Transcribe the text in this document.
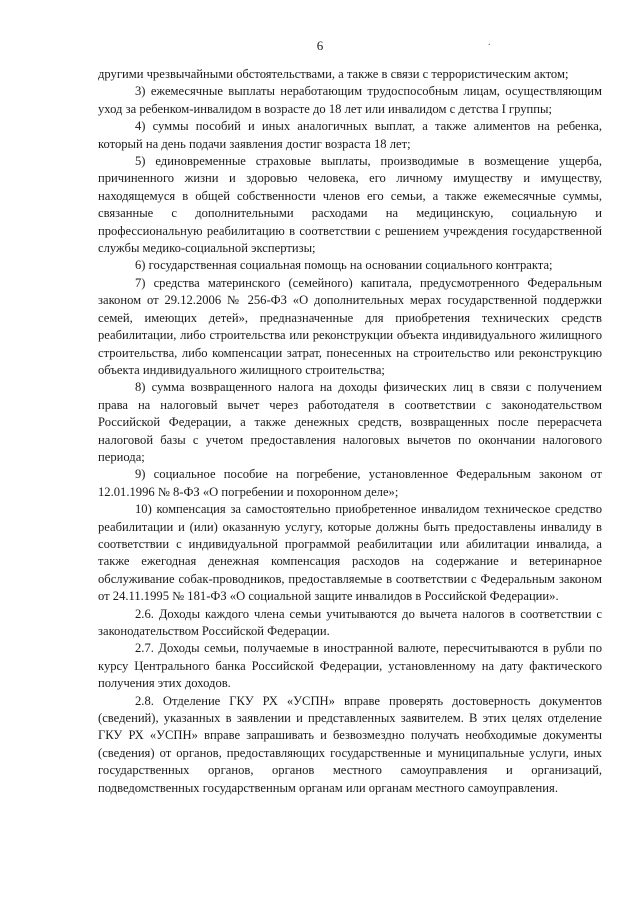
6	.

другими чрезвычайными обстоятельствами, а также в связи с террористическим актом;

3) ежемесячные выплаты неработающим трудоспособным лицам, осуществляющим уход за ребенком-инвалидом в возрасте до 18 лет или инвалидом с детства I группы;

4) суммы пособий и иных аналогичных выплат, а также алиментов на ребенка, который на день подачи заявления достиг возраста 18 лет;

5) единовременные страховые выплаты, производимые в возмещение ущерба, причиненного жизни и здоровью человека, его личному имуществу и имуществу, находящемуся в общей собственности членов его семьи, а также ежемесячные суммы, связанные с дополнительными расходами на медицинскую, социальную и профессиональную реабилитацию в соответствии с решением учреждения государственной службы медико-социальной экспертизы;

6) государственная социальная помощь на основании социального контракта;

7) средства материнского (семейного) капитала, предусмотренного Федеральным законом от 29.12.2006 № 256-ФЗ «О дополнительных мерах государственной поддержки семей, имеющих детей», предназначенные для приобретения технических средств реабилитации, либо строительства или реконструкции объекта индивидуального жилищного строительства, либо компенсации затрат, понесенных на строительство или реконструкцию объекта индивидуального жилищного строительства;

8) сумма возвращенного налога на доходы физических лиц в связи с получением права на налоговый вычет через работодателя в соответствии с законодательством Российской Федерации, а также денежных средств, возвращенных после перерасчета налоговой базы с учетом предоставления налоговых вычетов по окончании налогового периода;

9) социальное пособие на погребение, установленное Федеральным законом от 12.01.1996 № 8-ФЗ «О погребении и похоронном деле»;

10) компенсация за самостоятельно приобретенное инвалидом техническое средство реабилитации и (или) оказанную услугу, которые должны быть предоставлены инвалиду в соответствии с индивидуальной программой реабилитации или абилитации инвалида, а также ежегодная денежная компенсация расходов на содержание и ветеринарное обслуживание собак-проводников, предоставляемые в соответствии с Федеральным законом от 24.11.1995 № 181-ФЗ «О социальной защите инвалидов в Российской Федерации».

2.6. Доходы каждого члена семьи учитываются до вычета налогов в соответствии с законодательством Российской Федерации.

2.7. Доходы семьи, получаемые в иностранной валюте, пересчитываются в рубли по курсу Центрального банка Российской Федерации, установленному на дату фактического получения этих доходов.

2.8. Отделение ГКУ РХ «УСПН» вправе проверять достоверность документов (сведений), указанных в заявлении и представленных заявителем. В этих целях отделение ГКУ РХ «УСПН» вправе запрашивать и безвозмездно получать необходимые документы (сведения) от органов, предоставляющих государственные и муниципальные услуги, иных государственных органов, органов местного самоуправления и организаций, подведомственных государственным органам или органам местного самоуправления.
